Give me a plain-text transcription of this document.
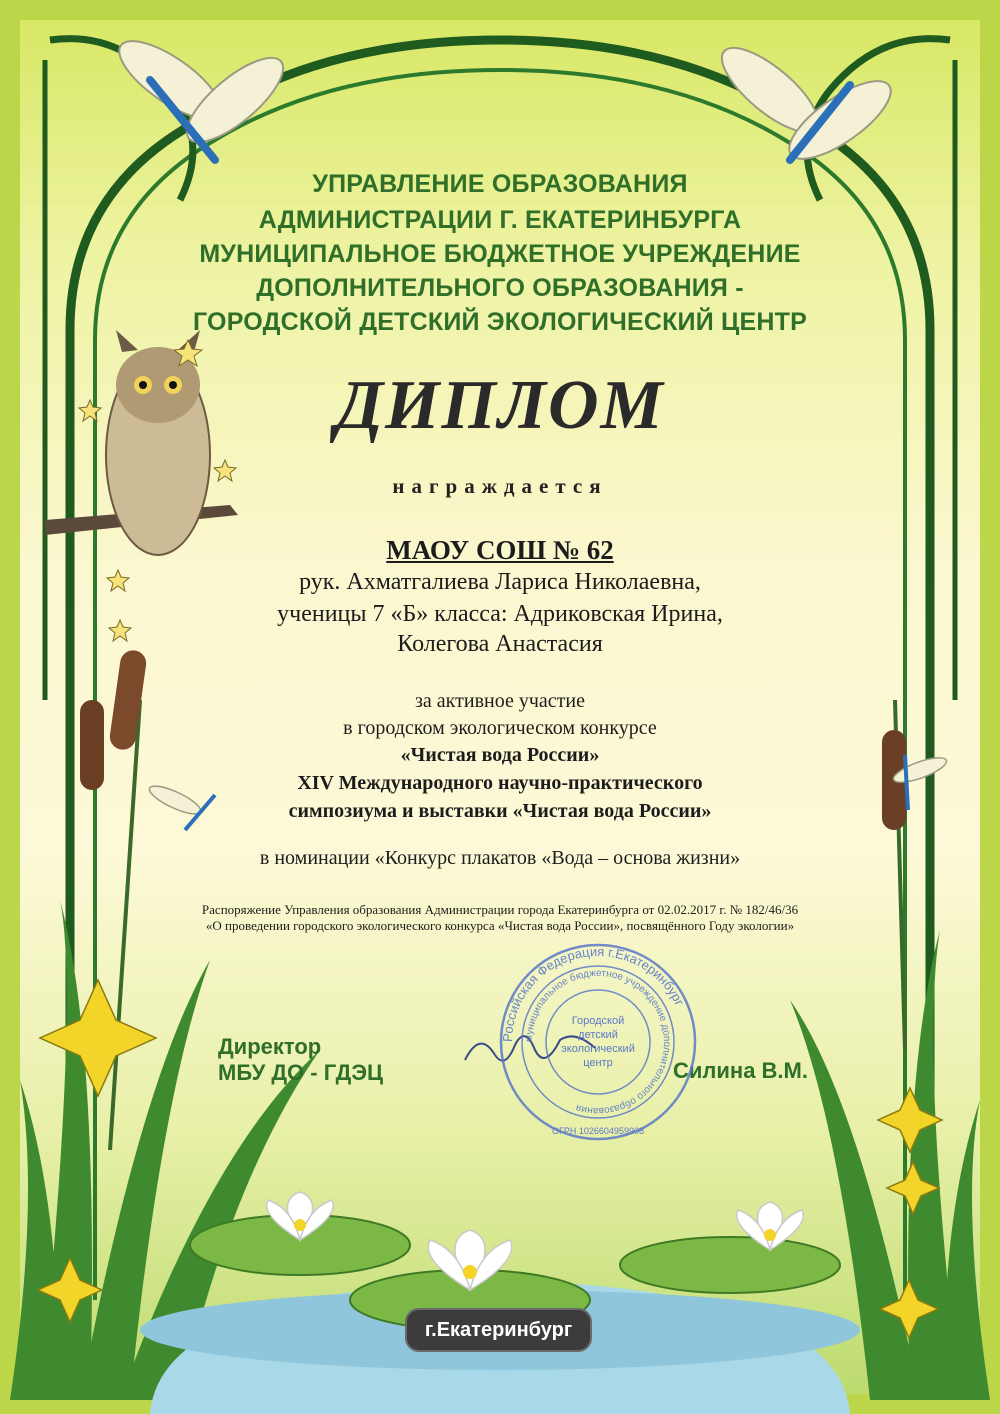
УПРАВЛЕНИЕ ОБРАЗОВАНИЯ
АДМИНИСТРАЦИИ Г. ЕКАТЕРИНБУРГА
МУНИЦИПАЛЬНОЕ БЮДЖЕТНОЕ УЧРЕЖДЕНИЕ
ДОПОЛНИТЕЛЬНОГО ОБРАЗОВАНИЯ -
ГОРОДСКОЙ ДЕТСКИЙ ЭКОЛОГИЧЕСКИЙ ЦЕНТР
ДИПЛОМ
награждается
МАОУ СОШ № 62
рук. Ахматгалиева Лариса Николаевна,
ученицы 7 «Б» класса: Адриковская Ирина,
Колегова Анастасия
за активное участие
в городском экологическом конкурсе
«Чистая вода России»
XIV Международного научно-практического
симпозиума и выставки «Чистая вода России»
в номинации «Конкурс плакатов «Вода – основа жизни»
Распоряжение Управления образования Администрации города Екатеринбурга от 02.02.2017 г. № 182/46/36
«О проведении городского экологического конкурса «Чистая вода России», посвящённого Году экологии»
Директор
МБУ ДО - ГДЭЦ	Силина В.М.
Российская Федерация г.Екатеринбург
муниципальное бюджетное учреждение дополнительного образования
Городской
детский
экологический
центр
ОГРН 1026604959908
г.Екатеринбург
